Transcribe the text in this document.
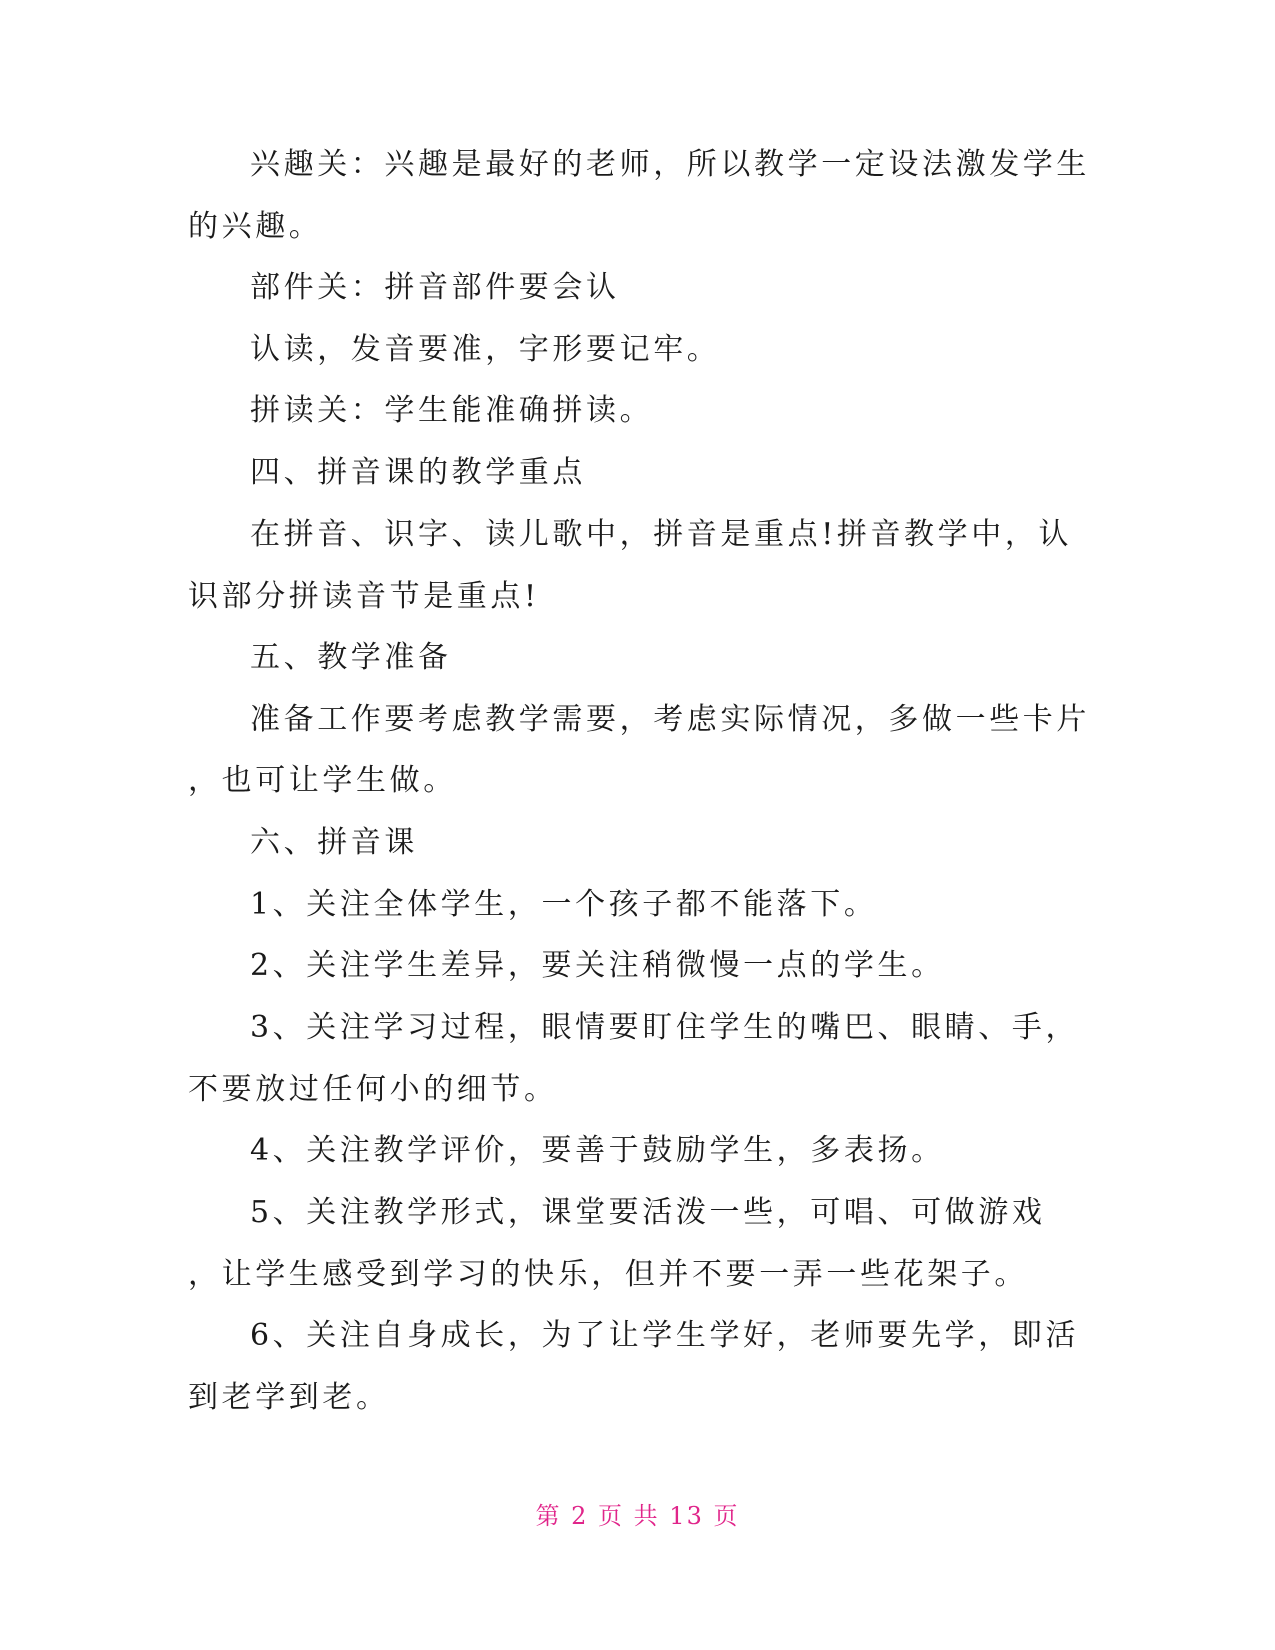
兴趣关：兴趣是最好的老师，所以教学一定设法激发学生
的兴趣。
部件关：拼音部件要会认
认读，发音要准，字形要记牢。
拼读关：学生能准确拼读。
四、拼音课的教学重点
在拼音、识字、读儿歌中，拼音是重点!拼音教学中，认
识部分拼读音节是重点!
五、教学准备
准备工作要考虑教学需要，考虑实际情况，多做一些卡片
，也可让学生做。
六、拼音课
1、关注全体学生，一个孩子都不能落下。
2、关注学生差异，要关注稍微慢一点的学生。
3、关注学习过程，眼情要盯住学生的嘴巴、眼睛、手，
不要放过任何小的细节。
4、关注教学评价，要善于鼓励学生，多表扬。
5、关注教学形式，课堂要活泼一些，可唱、可做游戏
，让学生感受到学习的快乐，但并不要一弄一些花架子。
6、关注自身成长，为了让学生学好，老师要先学，即活
到老学到老。
第 2 页 共 13 页
